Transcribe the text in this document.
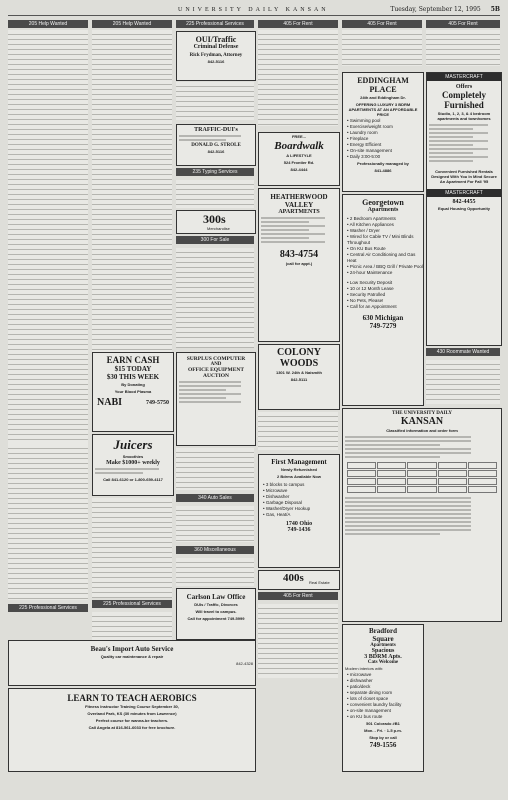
UNIVERSITY DAILY KANSAN	Tuesday, September 12, 1995 5B
205 Help Wanted	205 Help Wanted
EARN CASH
$15 TODAY
$30 THIS WEEK
By Donating
Your Blood Plasma
NABI	749-5750
Juicers
Smoothies
Make $1000+ weekly
Call 841-6120 or 1-800-659-4117
225 Professional Services
225 Professional Services
OUI/Traffic
Criminal Defense
Rick Frydman, Attorney
842-5116
TRAFFIC-DUI's
DONALD G. STROLE
842-5116
235 Typing Services
300s
Merchandise
300 For Sale
SURPLUS COMPUTER
AND
OFFICE EQUIPMENT
AUCTION
340 Auto Sales
360 Miscellaneous
Carlson Law Office
DUIs / Traffic, Divorces
Will travel to campus.
Call for appointment 749-5999
405 For Rent
FREE...
Boardwalk
A LIFESTYLE
524 Frontier Rd.
842-4444
HEATHERWOOD
VALLEY
APARTMENTS
843-4754
(call for appt.)
COLONY
WOODS
1301 W. 24th & Naismith
842-5111
First Management
Newly Refurnished
2 Bdrms Available Now
• 3 blocks to campus
• Microwave
• Dishwasher
• Garbage Disposal
• Washer/Dryer Hookup
• Gas, Heat/A
1740 Ohio
749-1436
400s	Real Estate
405 For Rent
405 For Rent
EDDINGHAM
PLACE
24th and Eddingham Dr.
OFFERING LUXURY 3 BDRM APARTMENTS AT AN AFFORDABLE PRICE
• Swimming pool
• Exercise/weight room
• Laundry room
• Fireplace
• Energy Efficient
• On-site management
• Daily 3:00-5:00
Professionally managed by
841-4886
Georgetown
Apartments
• 2 Bedroom Apartments
• All Kitchen Appliances
• Washer / Dryer
• Wired for Cable TV / Mini Blinds Throughout
• On KU Bus Route
• Central Air Conditioning and Gas Heat
• Picnic Area / BBQ Grill / Private Pool
• 24-hour Maintenance
• Low Security Deposit
• 10 or 12 Month Lease
• Security Patrolled
• No Pets, Please!
• Call for an Appointment
630 Michigan
749-7279
THE UNIVERSITY DAILY
KANSAN
Classified information and order form
Bradford
Square
Apartments
Spacious
3 BDRM Apts.
Cats Welcome
Modern interiors with:
• microwave
• dishwasher
• patio/deck
• separate dining room
• lots of closet space
• convenient laundry facility
• on-site management
• on KU bus route
501 Colorado #B1
Mon. - Fri. · 1-5 p.m.
Stop by or call
749-1556
405 For Rent
MASTERCRAFT
Offers
Completely
Furnished
Studio, 1, 2, 3, & 4 bedroom apartments and townhomes
Convenient Furnished Rentals Designed With You In Mind Secure An Apartment For Fall '95
MASTERCRAFT
842-4455
Equal Housing Opportunity
430 Roommate Wanted
225 Professional Services
Beau's Import Auto Service
Quality car maintenance & repair
842-4328
LEARN TO TEACH AEROBICS
Fitness Instructor Training Course September 30,
Overland Park, KS (30 minutes from Lawrence)
Perfect course for wanna-be teachers.
Call Angela at 816-561-6033 for free brochure.
